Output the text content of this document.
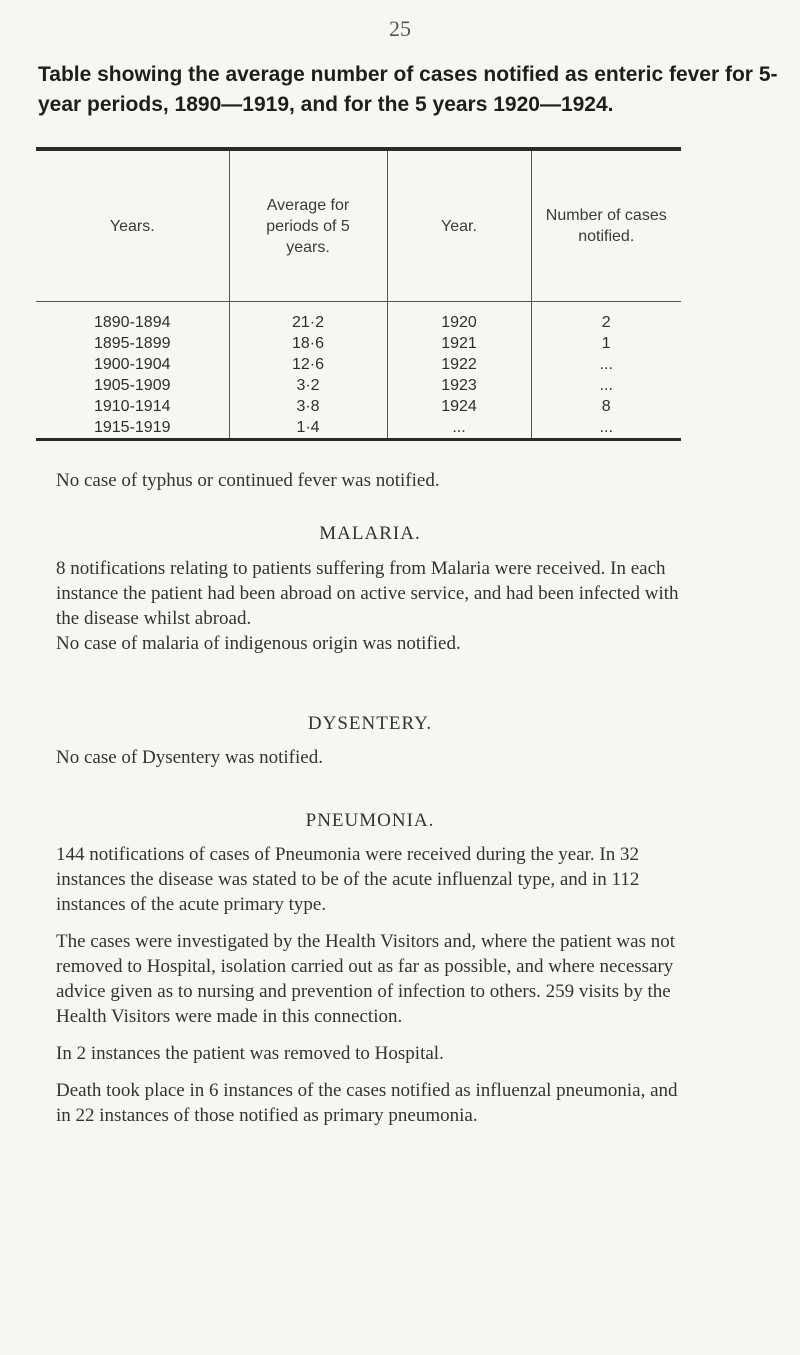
25
Table showing the average number of cases notified as enteric fever for 5-year periods, 1890—1919, and for the 5 years 1920—1924.
Years.	Average for periods of 5 years.	Year.	Number of cases notified.

1890-1894	21·2	1920	2
1895-1899	18·6	1921	1
1900-1904	12·6	1922	...
1905-1909	3·2	1923	...
1910-1914	3·8	1924	8
1915-1919	1·4	...	...

No case of typhus or continued fever was notified.

MALARIA.

8 notifications relating to patients suffering from Malaria were received. In each instance the patient had been abroad on active service, and had been infected with the disease whilst abroad.

No case of malaria of indigenous origin was notified.

DYSENTERY.

No case of Dysentery was notified.

PNEUMONIA.

144 notifications of cases of Pneumonia were received during the year. In 32 instances the disease was stated to be of the acute influenzal type, and in 112 instances of the acute primary type.

The cases were investigated by the Health Visitors and, where the patient was not removed to Hospital, isolation carried out as far as possible, and where necessary advice given as to nursing and prevention of infection to others. 259 visits by the Health Visitors were made in this connection.

In 2 instances the patient was removed to Hospital.

Death took place in 6 instances of the cases notified as influenzal pneumonia, and in 22 instances of those notified as primary pneumonia.
